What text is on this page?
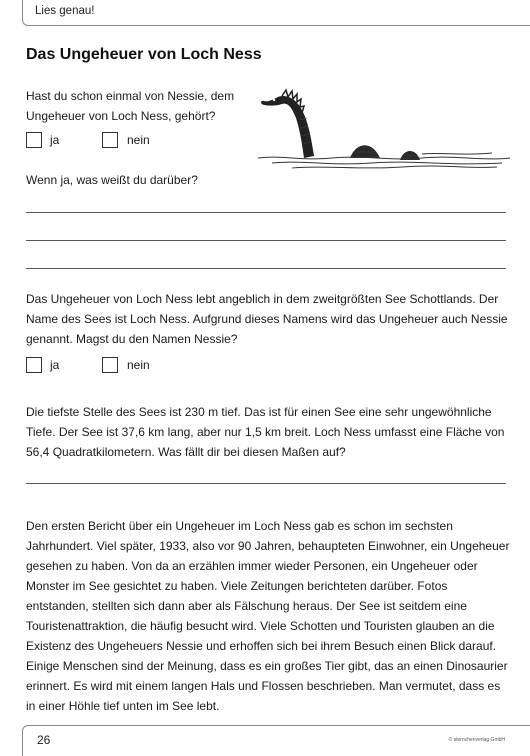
Lies genau!
Das Ungeheuer von Loch Ness

Hast du schon einmal von Nessie, dem Ungeheuer von Loch Ness, gehört?

ja	nein

Wenn ja, was weißt du darüber?

Das Ungeheuer von Loch Ness lebt angeblich in dem zweitgrößten See Schottlands. Der Name des Sees ist Loch Ness. Aufgrund dieses Namens wird das Ungeheuer auch Nessie genannt. Magst du den Namen Nessie?

ja	nein

Die tiefste Stelle des Sees ist 230 m tief. Das ist für einen See eine sehr ungewöhnliche Tiefe. Der See ist 37,6 km lang, aber nur 1,5 km breit. Loch Ness umfasst eine Fläche von 56,4 Quadratkilometern. Was fällt dir bei diesen Maßen auf?

Den ersten Bericht über ein Ungeheuer im Loch Ness gab es schon im sechsten Jahrhundert. Viel später, 1933, also vor 90 Jahren, behaupteten Einwohner, ein Ungeheuer gesehen zu haben. Von da an erzählen immer wieder Personen, ein Ungeheuer oder Monster im See gesichtet zu haben. Viele Zeitungen berichteten darüber. Fotos entstanden, stellten sich dann aber als Fälschung heraus. Der See ist seitdem eine Touristenattraktion, die häufig besucht wird. Viele Schotten und Touristen glauben an die Existenz des Ungeheuers Nessie und erhoffen sich bei ihrem Besuch einen Blick darauf. Einige Menschen sind der Meinung, dass es ein großes Tier gibt, das an einen Dinosaurier erinnert. Es wird mit einem langen Hals und Flossen beschrieben. Man vermutet, dass es in einer Höhle tief unten im See lebt.

26	© sternchenverlag GmbH
